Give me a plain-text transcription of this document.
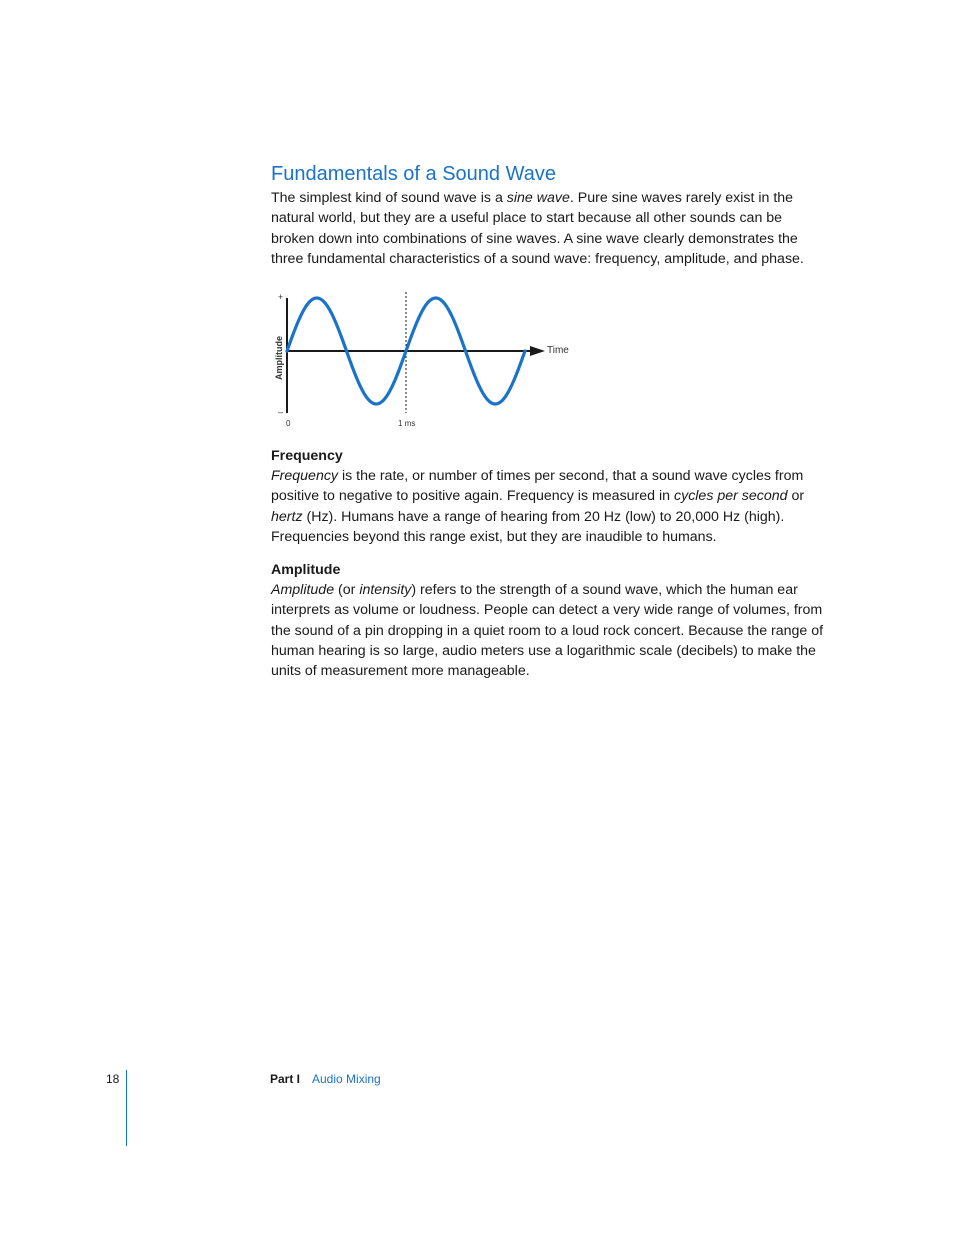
Fundamentals of a Sound Wave

The simplest kind of sound wave is a sine wave. Pure sine waves rarely exist in the natural world, but they are a useful place to start because all other sounds can be broken down into combinations of sine waves. A sine wave clearly demonstrates the three fundamental characteristics of a sound wave: frequency, amplitude, and phase.

+
–
Amplitude	Time
0	1 ms
Frequency

Frequency is the rate, or number of times per second, that a sound wave cycles from positive to negative to positive again. Frequency is measured in cycles per second or hertz (Hz). Humans have a range of hearing from 20 Hz (low) to 20,000 Hz (high). Frequencies beyond this range exist, but they are inaudible to humans.

Amplitude

Amplitude (or intensity) refers to the strength of a sound wave, which the human ear interprets as volume or loudness. People can detect a very wide range of volumes, from the sound of a pin dropping in a quiet room to a loud rock concert. Because the range of human hearing is so large, audio meters use a logarithmic scale (decibels) to make the units of measurement more manageable.

18	Part I Audio Mixing
